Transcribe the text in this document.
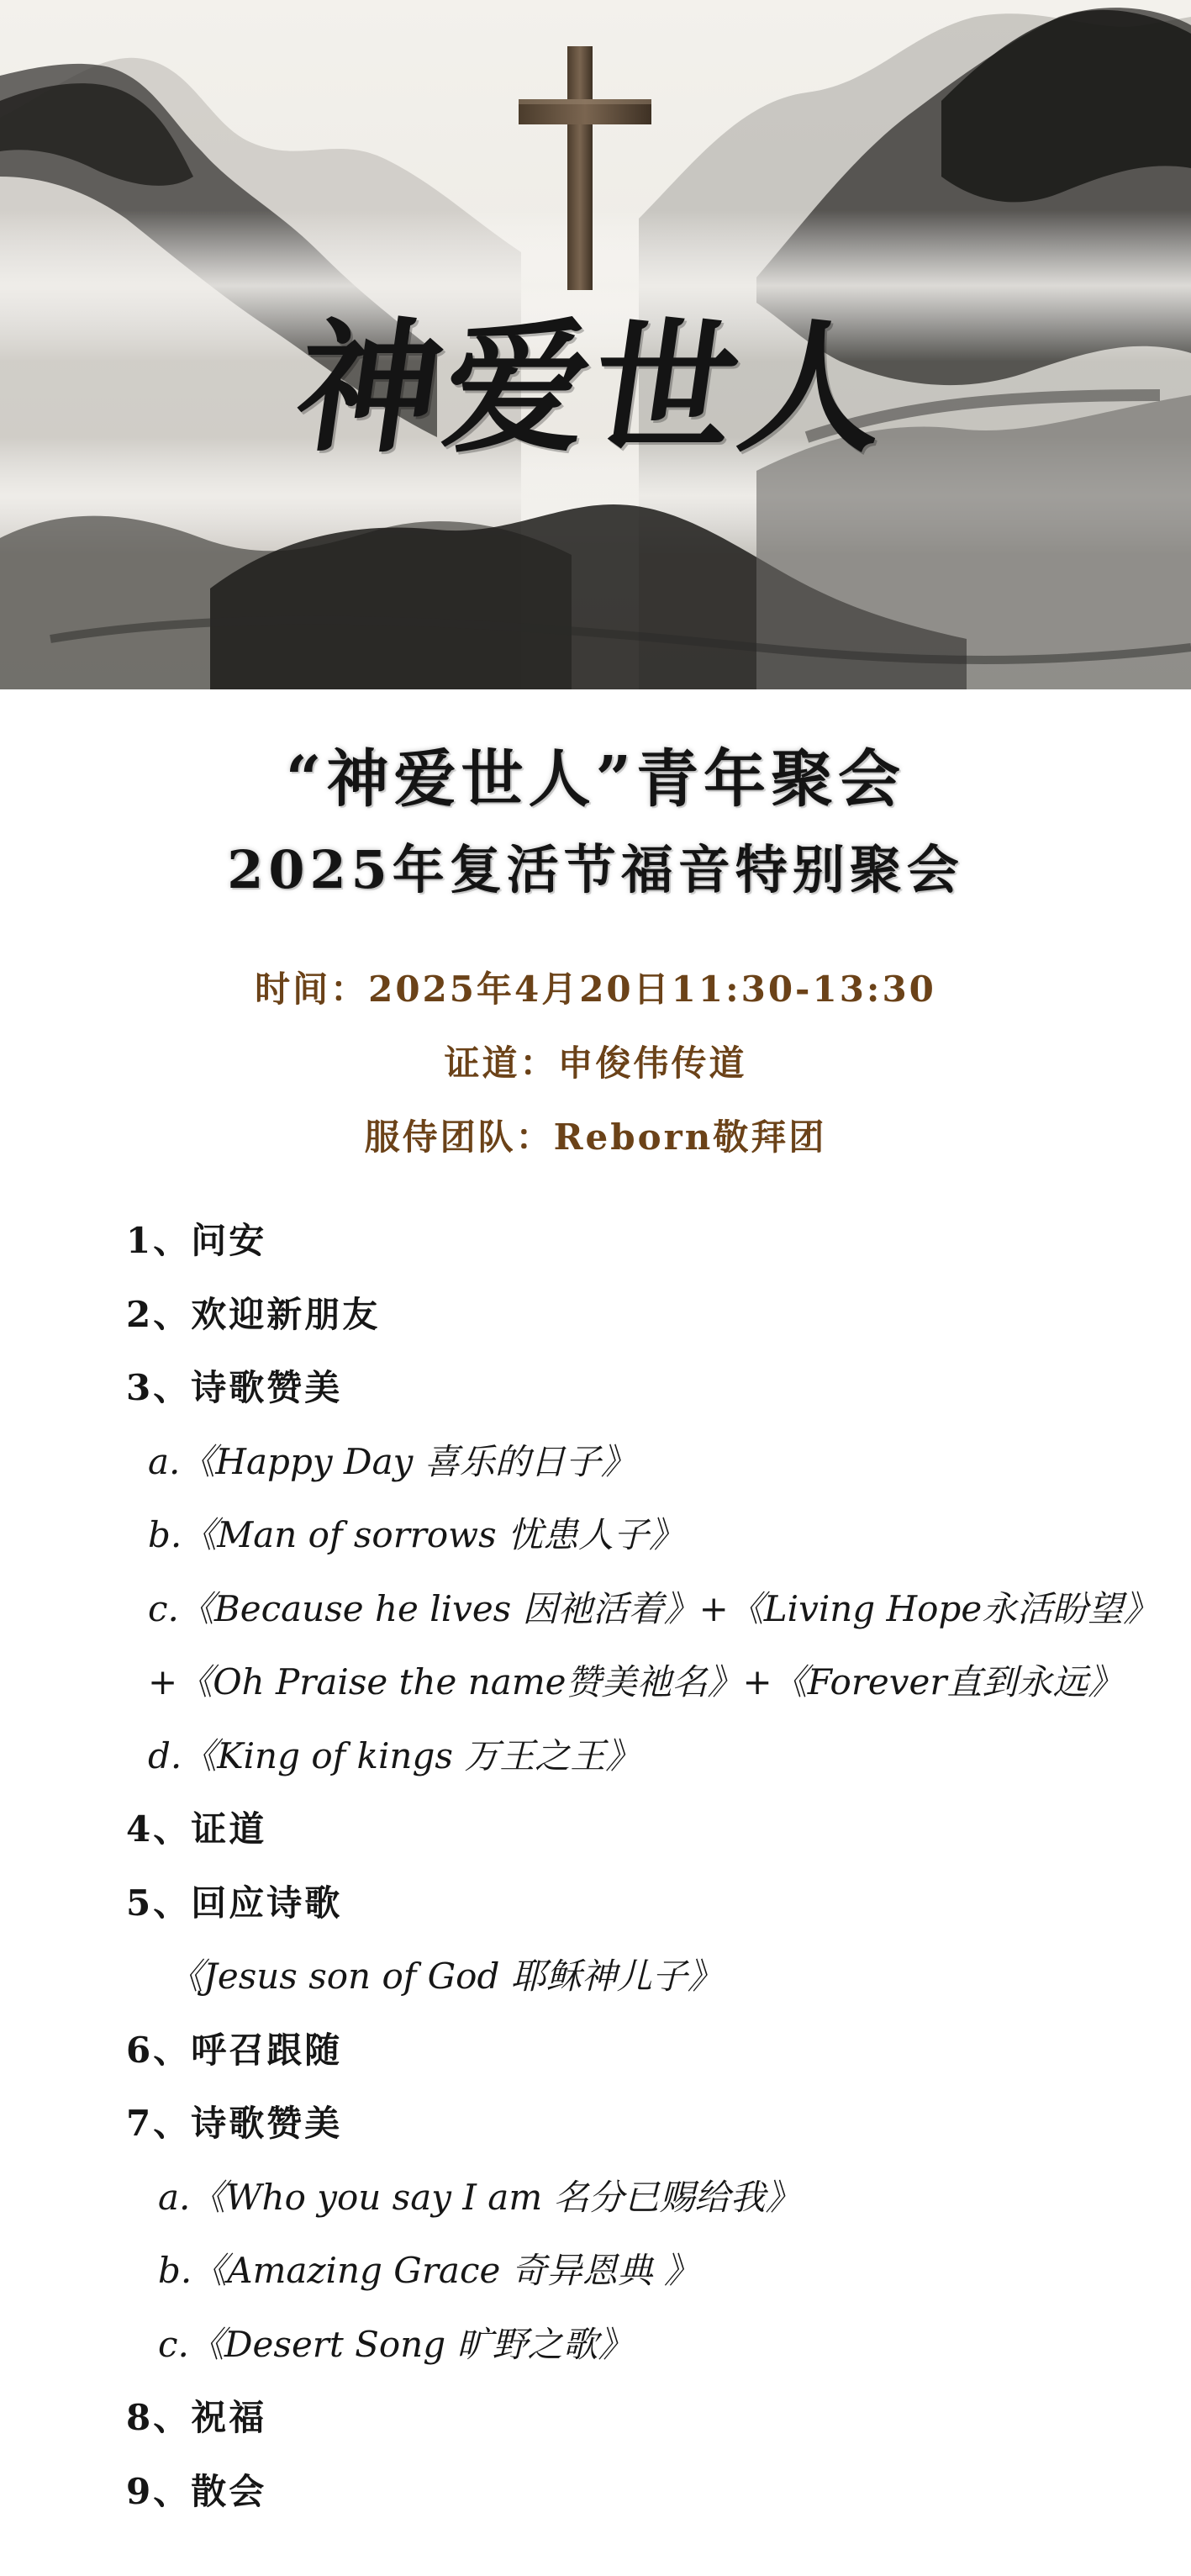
神爱世人
“神爱世人”青年聚会
2025年复活节福音特别聚会
时间：2025年4月20日11:30-13:30
证道：申俊伟传道
服侍团队：Reborn敬拜团
1、问安
2、欢迎新朋友
3、诗歌赞美
a.《Happy Day 喜乐的日子》
b.《Man of sorrows 忧患人子》
c.《Because he lives 因祂活着》+《Living Hope永活盼望》
+《Oh Praise the name赞美祂名》+《Forever直到永远》
d.《King of kings 万王之王》
4、证道
5、回应诗歌
《Jesus son of God 耶稣神儿子》
6、呼召跟随
7、诗歌赞美
a.《Who you say I am 名分已赐给我》
b.《Amazing Grace 奇异恩典 》
c.《Desert Song 旷野之歌》
8、祝福
9、散会
